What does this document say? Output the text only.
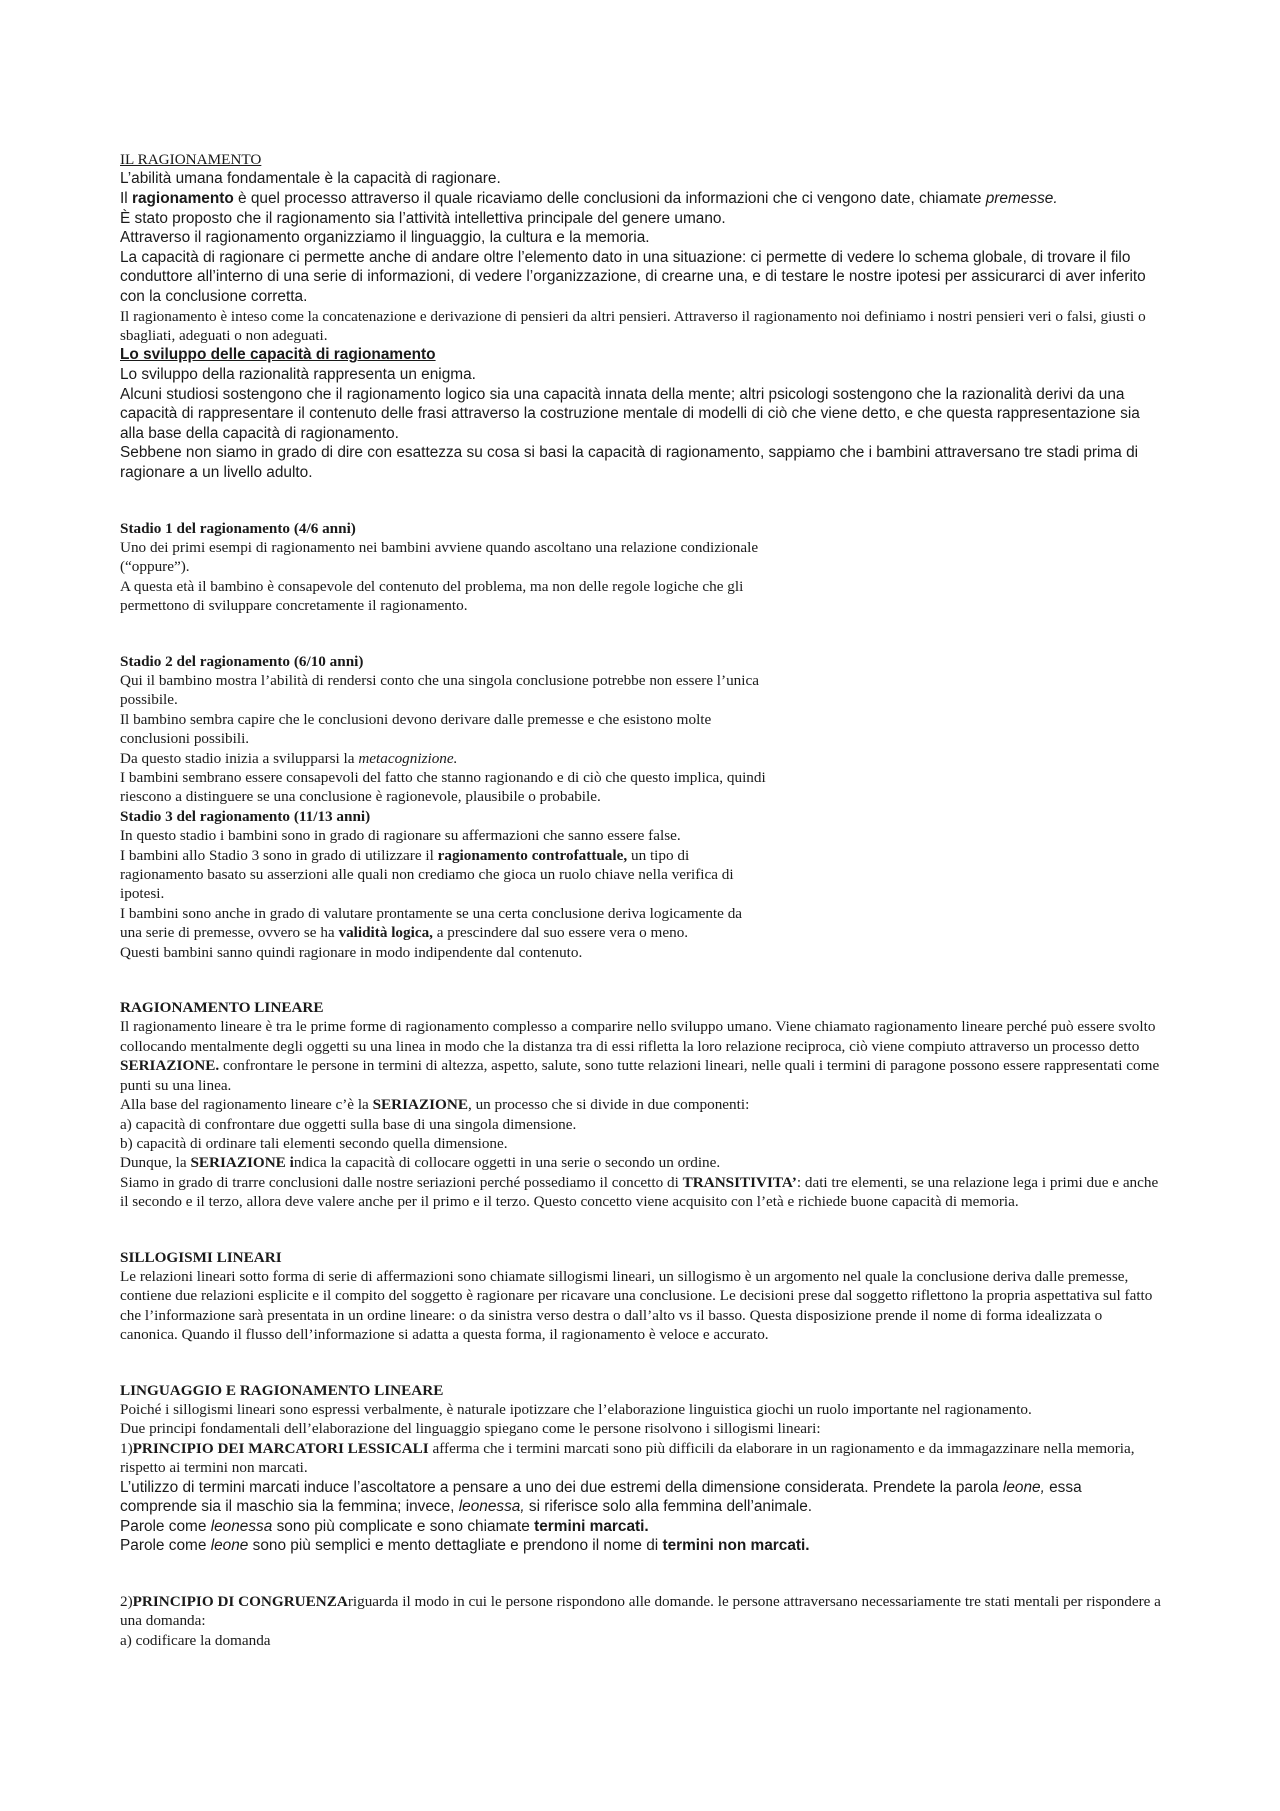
IL RAGIONAMENTO

L’abilità umana fondamentale è la capacità di ragionare.

Il ragionamento è quel processo attraverso il quale ricaviamo delle conclusioni da informazioni che ci vengono date, chiamate premesse.

È stato proposto che il ragionamento sia l’attività intellettiva principale del genere umano.

Attraverso il ragionamento organizziamo il linguaggio, la cultura e la memoria.

La capacità di ragionare ci permette anche di andare oltre l’elemento dato in una situazione: ci permette di vedere lo schema globale, di trovare il filo conduttore all’interno di una serie di informazioni, di vedere l’organizzazione, di crearne una, e di testare le nostre ipotesi per assicurarci di aver inferito con la conclusione corretta.

Il ragionamento è inteso come la concatenazione e derivazione di pensieri da altri pensieri. Attraverso il ragionamento noi definiamo i nostri pensieri veri o falsi, giusti o sbagliati, adeguati o non adeguati.

Lo sviluppo delle capacità di ragionamento

Lo sviluppo della razionalità rappresenta un enigma.

Alcuni studiosi sostengono che il ragionamento logico sia una capacità innata della mente; altri psicologi sostengono che la razionalità derivi da una capacità di rappresentare il contenuto delle frasi attraverso la costruzione mentale di modelli di ciò che viene detto, e che questa rappresentazione sia alla base della capacità di ragionamento.

Sebbene non siamo in grado di dire con esattezza su cosa si basi la capacità di ragionamento, sappiamo che i bambini attraversano tre stadi prima di ragionare a un livello adulto.

Stadio 1 del ragionamento (4/6 anni)

Uno dei primi esempi di ragionamento nei bambini avviene quando ascoltano una relazione condizionale (“oppure”).

A questa età il bambino è consapevole del contenuto del problema, ma non delle regole logiche che gli permettono di sviluppare concretamente il ragionamento.

Stadio 2 del ragionamento (6/10 anni)

Qui il bambino mostra l’abilità di rendersi conto che una singola conclusione potrebbe non essere l’unica possibile.

Il bambino sembra capire che le conclusioni devono derivare dalle premesse e che esistono molte conclusioni possibili.

Da questo stadio inizia a svilupparsi la metacognizione.

I bambini sembrano essere consapevoli del fatto che stanno ragionando e di ciò che questo implica, quindi riescono a distinguere se una conclusione è ragionevole, plausibile o probabile.

Stadio 3 del ragionamento (11/13 anni)

In questo stadio i bambini sono in grado di ragionare su affermazioni che sanno essere false.

I bambini allo Stadio 3 sono in grado di utilizzare il ragionamento controfattuale, un tipo di ragionamento basato su asserzioni alle quali non crediamo che gioca un ruolo chiave nella verifica di ipotesi.

I bambini sono anche in grado di valutare prontamente se una certa conclusione deriva logicamente da una serie di premesse, ovvero se ha validità logica, a prescindere dal suo essere vera o meno.

Questi bambini sanno quindi ragionare in modo indipendente dal contenuto.

RAGIONAMENTO LINEARE

Il ragionamento lineare è tra le prime forme di ragionamento complesso a comparire nello sviluppo umano. Viene chiamato ragionamento lineare perché può essere svolto collocando mentalmente degli oggetti su una linea in modo che la distanza tra di essi rifletta la loro relazione reciproca, ciò viene compiuto attraverso un processo detto SERIAZIONE. confrontare le persone in termini di altezza, aspetto, salute, sono tutte relazioni lineari, nelle quali i termini di paragone possono essere rappresentati come punti su una linea.

Alla base del ragionamento lineare c’è la SERIAZIONE, un processo che si divide in due componenti:

a) capacità di confrontare due oggetti sulla base di una singola dimensione.

b) capacità di ordinare tali elementi secondo quella dimensione.

Dunque, la SERIAZIONE indica la capacità di collocare oggetti in una serie o secondo un ordine.

Siamo in grado di trarre conclusioni dalle nostre seriazioni perché possediamo il concetto di TRANSITIVITA’: dati tre elementi, se una relazione lega i primi due e anche il secondo e il terzo, allora deve valere anche per il primo e il terzo. Questo concetto viene acquisito con l’età e richiede buone capacità di memoria.

SILLOGISMI LINEARI

Le relazioni lineari sotto forma di serie di affermazioni sono chiamate sillogismi lineari, un sillogismo è un argomento nel quale la conclusione deriva dalle premesse, contiene due relazioni esplicite e il compito del soggetto è ragionare per ricavare una conclusione. Le decisioni prese dal soggetto riflettono la propria aspettativa sul fatto che l’informazione sarà presentata in un ordine lineare: o da sinistra verso destra o dall’alto vs il basso. Questa disposizione prende il nome di forma idealizzata o canonica. Quando il flusso dell’informazione si adatta a questa forma, il ragionamento è veloce e accurato.

LINGUAGGIO E RAGIONAMENTO LINEARE

Poiché i sillogismi lineari sono espressi verbalmente, è naturale ipotizzare che l’elaborazione linguistica giochi un ruolo importante nel ragionamento.

Due principi fondamentali dell’elaborazione del linguaggio spiegano come le persone risolvono i sillogismi lineari:

1)PRINCIPIO DEI MARCATORI LESSICALI afferma che i termini marcati sono più difficili da elaborare in un ragionamento e da immagazzinare nella memoria, rispetto ai termini non marcati.

L’utilizzo di termini marcati induce l’ascoltatore a pensare a uno dei due estremi della dimensione considerata. Prendete la parola leone, essa comprende sia il maschio sia la femmina; invece, leonessa, si riferisce solo alla femmina dell’animale.

Parole come leonessa sono più complicate e sono chiamate termini marcati.

Parole come leone sono più semplici e mento dettagliate e prendono il nome di termini non marcati.

2)PRINCIPIO DI CONGRUENZAriguarda il modo in cui le persone rispondono alle domande. le persone attraversano necessariamente tre stati mentali per rispondere a una domanda:

a) codificare la domanda
